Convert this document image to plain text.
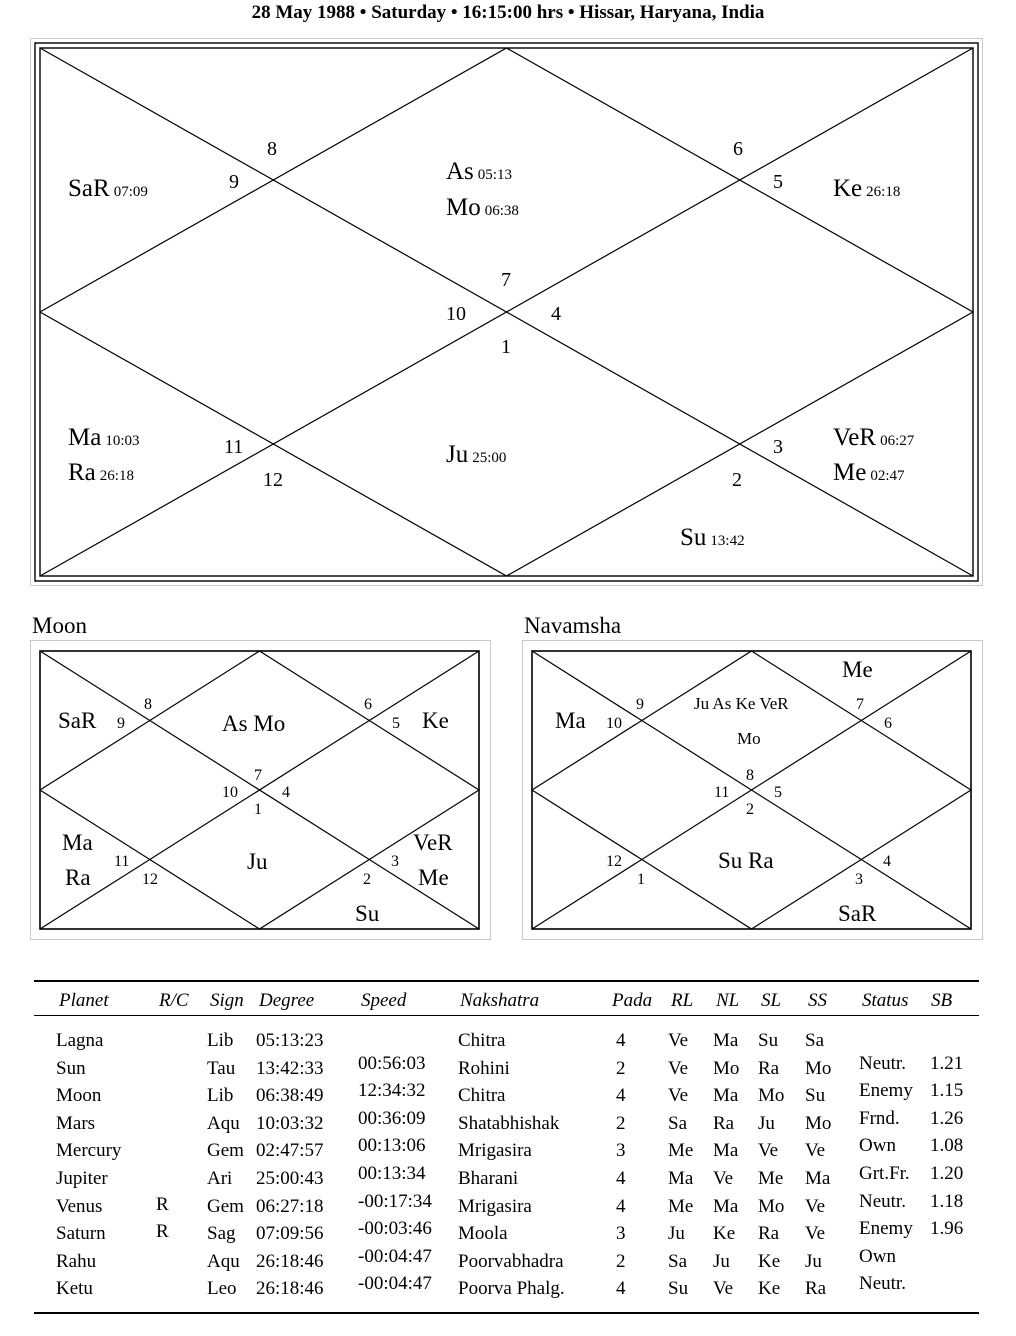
28 May 1988 • Saturday • 16:15:00 hrs • Hissar, Haryana, India
8
9
6
5
7
10	4
1
11
12
3
2
SaR 07:09
As 05:13
Mo 06:38
Ke 26:18
Ju 25:00
Ma 10:03
Ra 26:18
VeR 06:27
Me 02:47
Su 13:42
Moon
8
9
6
5
7
10	4
1
11
12
3
2
SaR	As Mo	Ke
Ju
Ma
Ra
VeR
Me
Su
Navamsha
9
10
7
6
8
11	5
2
12
1
4
3
Ju As Ke VeR
Mo
Ma
Me
Su Ra
SaR
Planet	R/C Sign Degree Speed	Nakshatra	Pada RL NL SL SS Status SB
Lagna	Lib 05:13:23	Chitra	4 Ve Ma Su Sa
Sun	Tau 13:42:33 00:56:03 Rohini	2 Ve Mo Ra Mo Neutr. 1.21
Moon	Lib 06:38:49 12:34:32 Chitra	4 Ve Ma Mo Su Enemy 1.15
Mars	Aqu 10:03:32 00:36:09 Shatabhishak	2 Sa Ra Ju Mo Frnd. 1.26
Mercury	Gem 02:47:57 00:13:06 Mrigasira	3 Me Ma Ve Ve Own 1.08
Jupiter	Ari 25:00:43 00:13:34 Bharani	4 Ma Ve Me Ma Grt.Fr. 1.20
Venus	R Gem 06:27:18 -00:17:34 Mrigasira	4 Me Ma Mo Ve Neutr. 1.18
Saturn	R Sag 07:09:56 -00:03:46 Moola	3 Ju Ke Ra Ve Enemy 1.96
Rahu	Aqu 26:18:46 -00:04:47 Poorvabhadra	2 Sa Ju Ke Ju Own
Ketu	Leo 26:18:46 -00:04:47 Poorva Phalg.	4 Su Ve Ke Ra Neutr.
